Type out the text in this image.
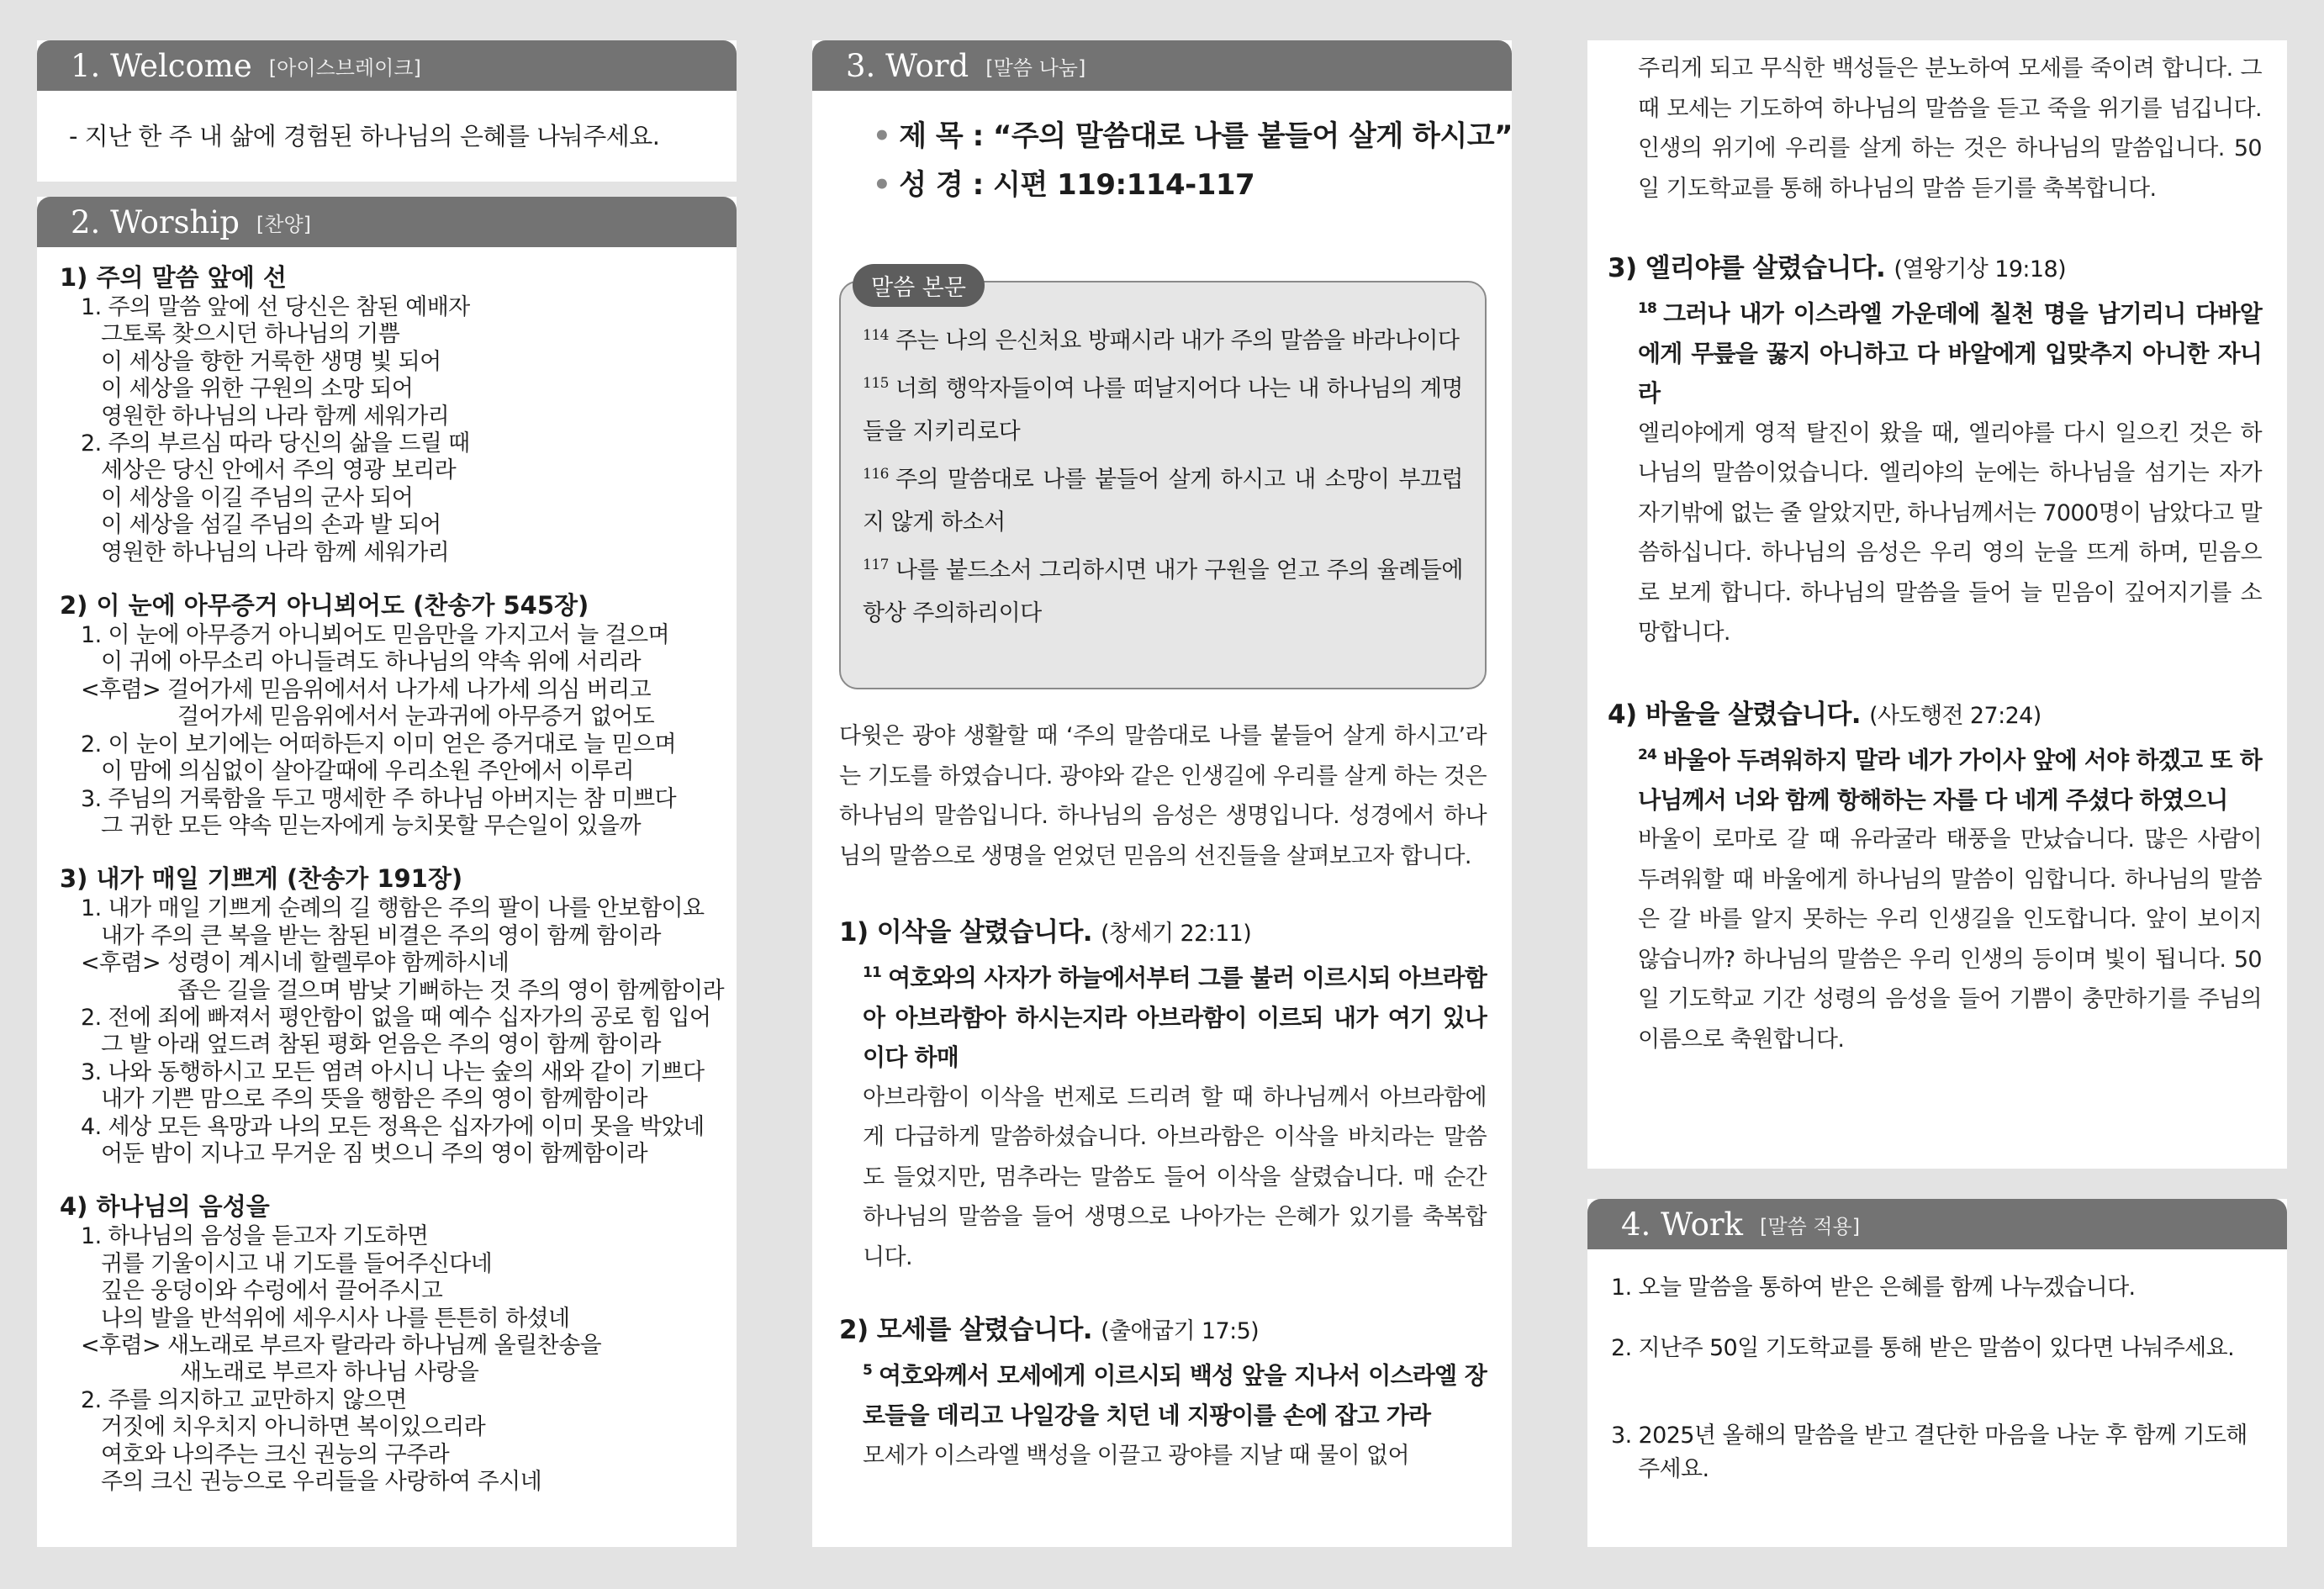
1. Welcome [아이스브레이크]

- 지난 한 주 내 삶에 경험된 하나님의 은혜를 나눠주세요.

2. Worship [찬양]

1) 주의 말씀 앞에 선

1. 주의 말씀 앞에 선 당신은 참된 예배자

그토록 찾으시던 하나님의 기쁨

이 세상을 향한 거룩한 생명 빛 되어

이 세상을 위한 구원의 소망 되어

영원한 하나님의 나라 함께 세워가리

2. 주의 부르심 따라 당신의 삶을 드릴 때

세상은 당신 안에서 주의 영광 보리라

이 세상을 이길 주님의 군사 되어

이 세상을 섬길 주님의 손과 발 되어

영원한 하나님의 나라 함께 세워가리

2) 이 눈에 아무증거 아니뵈어도 (찬송가 545장)

1. 이 눈에 아무증거 아니뵈어도 믿음만을 가지고서 늘 걸으며

이 귀에 아무소리 아니들려도 하나님의 약속 위에 서리라

<후렴> 걸어가세 믿음위에서서 나가세 나가세 의심 버리고

걸어가세 믿음위에서서 눈과귀에 아무증거 없어도

2. 이 눈이 보기에는 어떠하든지 이미 얻은 증거대로 늘 믿으며

이 맘에 의심없이 살아갈때에 우리소원 주안에서 이루리

3. 주님의 거룩함을 두고 맹세한 주 하나님 아버지는 참 미쁘다

그 귀한 모든 약속 믿는자에게 능치못할 무슨일이 있을까

3) 내가 매일 기쁘게 (찬송가 191장)

1. 내가 매일 기쁘게 순례의 길 행함은 주의 팔이 나를 안보함이요

내가 주의 큰 복을 받는 참된 비결은 주의 영이 함께 함이라

<후렴> 성령이 계시네 할렐루야 함께하시네

좁은 길을 걸으며 밤낮 기뻐하는 것 주의 영이 함께함이라

2. 전에 죄에 빠져서 평안함이 없을 때 예수 십자가의 공로 힘 입어

그 발 아래 엎드려 참된 평화 얻음은 주의 영이 함께 함이라

3. 나와 동행하시고 모든 염려 아시니 나는 숲의 새와 같이 기쁘다

내가 기쁜 맘으로 주의 뜻을 행함은 주의 영이 함께함이라

4. 세상 모든 욕망과 나의 모든 정욕은 십자가에 이미 못을 박았네

어둔 밤이 지나고 무거운 짐 벗으니 주의 영이 함께함이라

4) 하나님의 음성을

1. 하나님의 음성을 듣고자 기도하면

귀를 기울이시고 내 기도를 들어주신다네

깊은 웅덩이와 수렁에서 끌어주시고

나의 발을 반석위에 세우시사 나를 튼튼히 하셨네

<후렴> 새노래로 부르자 랄라라 하나님께 올릴찬송을

새노래로 부르자 하나님 사랑을

2. 주를 의지하고 교만하지 않으면

거짓에 치우치지 아니하면 복이있으리라

여호와 나의주는 크신 권능의 구주라

주의 크신 권능으로 우리들을 사랑하여 주시네

3. Word [말씀 나눔]
• 제 목 : “주의 말씀대로 나를 붙들어 살게 하시고”
• 성 경 : 시편 119:114-117
말씀 본문

$^{114}$ 주는 나의 은신처요 방패시라 내가 주의 말씀을 바라나이다

$^{115}$ 너희 행악자들이여 나를 떠날지어다 나는 내 하나님의 계명들을 지키리로다

$^{116}$ 주의 말씀대로 나를 붙들어 살게 하시고 내 소망이 부끄럽지 않게 하소서

$^{117}$ 나를 붙드소서 그리하시면 내가 구원을 얻고 주의 율례들에 항상 주의하리이다

다윗은 광야 생활할 때 ‘주의 말씀대로 나를 붙들어 살게 하시고’라는 기도를 하였습니다. 광야와 같은 인생길에 우리를 살게 하는 것은 하나님의 말씀입니다. 하나님의 음성은 생명입니다. 성경에서 하나님의 말씀으로 생명을 얻었던 믿음의 선진들을 살펴보고자 합니다.

1) 이삭을 살렸습니다. (창세기 22:11)

$^{11}$ 여호와의 사자가 하늘에서부터 그를 불러 이르시되 아브라함아 아브라함아 하시는지라 아브라함이 이르되 내가 여기 있나이다 하매

아브라함이 이삭을 번제로 드리려 할 때 하나님께서 아브라함에게 다급하게 말씀하셨습니다. 아브라함은 이삭을 바치라는 말씀도 들었지만, 멈추라는 말씀도 들어 이삭을 살렸습니다. 매 순간 하나님의 말씀을 들어 생명으로 나아가는 은혜가 있기를 축복합니다.

2) 모세를 살렸습니다. (출애굽기 17:5)

$^5$ 여호와께서 모세에게 이르시되 백성 앞을 지나서 이스라엘 장로들을 데리고 나일강을 치던 네 지팡이를 손에 잡고 가라

모세가 이스라엘 백성을 이끌고 광야를 지날 때 물이 없어

주리게 되고 무식한 백성들은 분노하여 모세를 죽이려 합니다. 그때 모세는 기도하여 하나님의 말씀을 듣고 죽을 위기를 넘깁니다. 인생의 위기에 우리를 살게 하는 것은 하나님의 말씀입니다. 50일 기도학교를 통해 하나님의 말씀 듣기를 축복합니다.

3) 엘리야를 살렸습니다. (열왕기상 19:18)

$^{18}$ 그러나 내가 이스라엘 가운데에 칠천 명을 남기리니 다바알에게 무릎을 꿇지 아니하고 다 바알에게 입맞추지 아니한 자니라

엘리야에게 영적 탈진이 왔을 때, 엘리야를 다시 일으킨 것은 하나님의 말씀이었습니다. 엘리야의 눈에는 하나님을 섬기는 자가 자기밖에 없는 줄 알았지만, 하나님께서는 7000명이 남았다고 말씀하십니다. 하나님의 음성은 우리 영의 눈을 뜨게 하며, 믿음으로 보게 합니다. 하나님의 말씀을 들어 늘 믿음이 깊어지기를 소망합니다.

4) 바울을 살렸습니다. (사도행전 27:24)

$^{24}$ 바울아 두려워하지 말라 네가 가이사 앞에 서야 하겠고 또 하나님께서 너와 함께 항해하는 자를 다 네게 주셨다 하였으니

바울이 로마로 갈 때 유라굴라 태풍을 만났습니다. 많은 사람이 두려워할 때 바울에게 하나님의 말씀이 임합니다. 하나님의 말씀은 갈 바를 알지 못하는 우리 인생길을 인도합니다. 앞이 보이지 않습니까? 하나님의 말씀은 우리 인생의 등이며 빛이 됩니다. 50일 기도학교 기간 성령의 음성을 들어 기쁨이 충만하기를 주님의 이름으로 축원합니다.

4. Work [말씀 적용]

1. 오늘 말씀을 통하여 받은 은혜를 함께 나누겠습니다.

2. 지난주 50일 기도학교를 통해 받은 말씀이 있다면 나눠주세요.

3. 2025년 올해의 말씀을 받고 결단한 마음을 나눈 후 함께 기도해 주세요.
